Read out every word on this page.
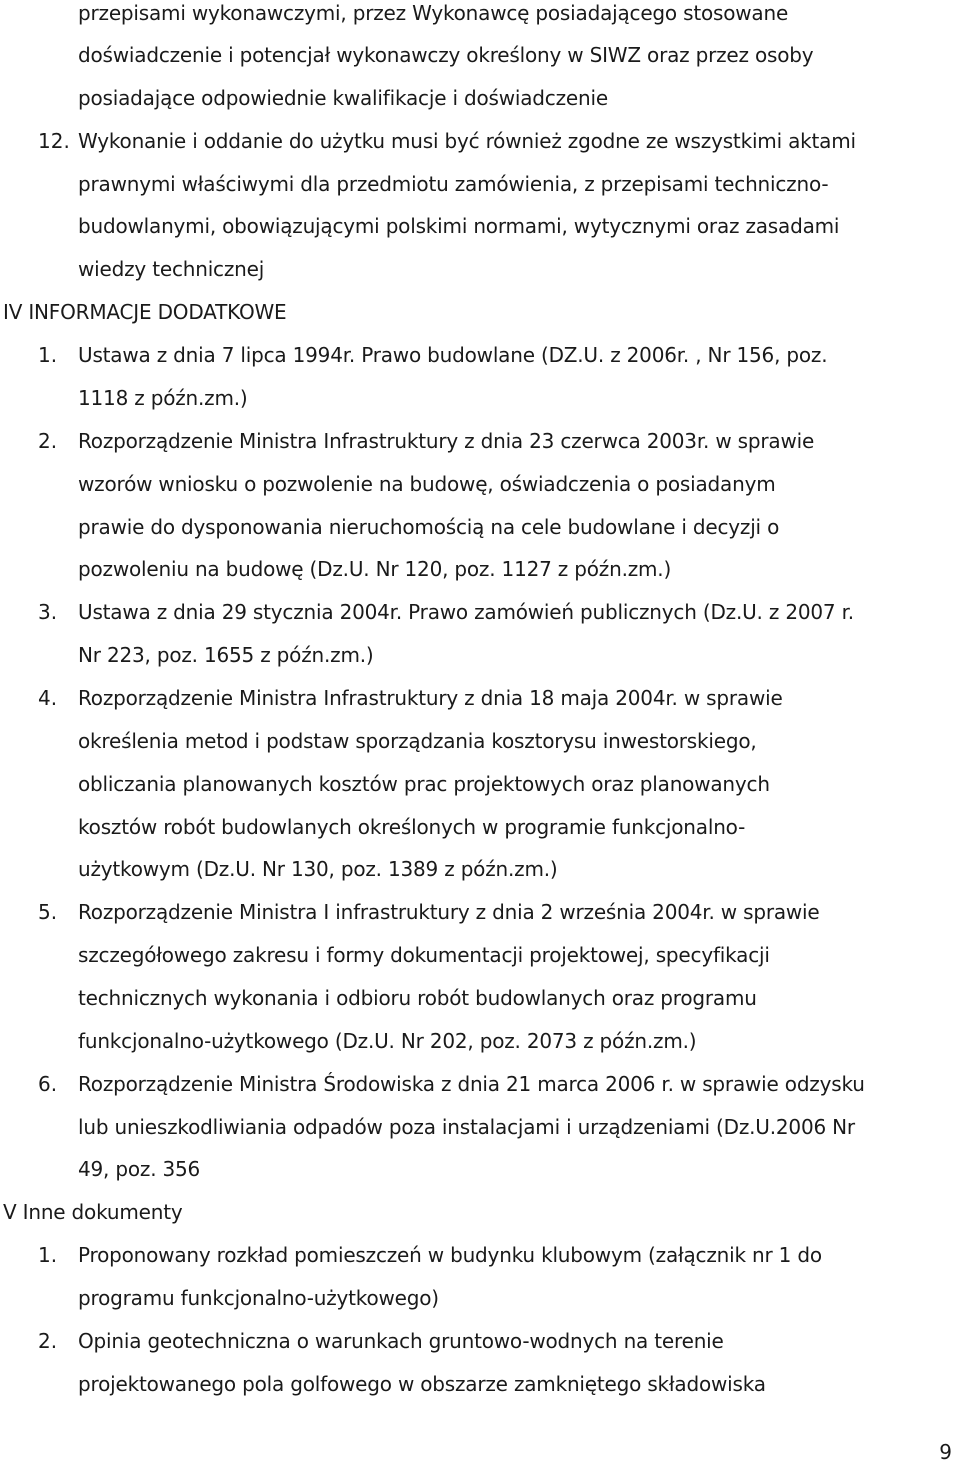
przepisami wykonawczymi, przez Wykonawcę posiadającego stosowane
doświadczenie i potencjał wykonawczy określony w SIWZ oraz przez osoby
posiadające odpowiednie kwalifikacje i doświadczenie
12. Wykonanie i oddanie do użytku musi być również zgodne ze wszystkimi aktami
prawnymi właściwymi dla przedmiotu zamówienia, z przepisami techniczno-
budowlanymi, obowiązującymi polskimi normami, wytycznymi oraz zasadami
wiedzy technicznej
IV INFORMACJE DODATKOWE
1. Ustawa z dnia 7 lipca 1994r. Prawo budowlane (DZ.U. z 2006r. , Nr 156, poz.
1118 z późn.zm.)
2. Rozporządzenie Ministra Infrastruktury z dnia 23 czerwca 2003r. w sprawie
wzorów wniosku o pozwolenie na budowę, oświadczenia o posiadanym
prawie do dysponowania nieruchomością na cele budowlane i decyzji o
pozwoleniu na budowę (Dz.U. Nr 120, poz. 1127 z późn.zm.)
3. Ustawa z dnia 29 stycznia 2004r. Prawo zamówień publicznych (Dz.U. z 2007 r.
Nr 223, poz. 1655 z późn.zm.)
4. Rozporządzenie Ministra Infrastruktury z dnia 18 maja 2004r. w sprawie
określenia metod i podstaw sporządzania kosztorysu inwestorskiego,
obliczania planowanych kosztów prac projektowych oraz planowanych
kosztów robót budowlanych określonych w programie funkcjonalno-
użytkowym (Dz.U. Nr 130, poz. 1389 z późn.zm.)
5. Rozporządzenie Ministra I infrastruktury z dnia 2 września 2004r. w sprawie
szczegółowego zakresu i formy dokumentacji projektowej, specyfikacji
technicznych wykonania i odbioru robót budowlanych oraz programu
funkcjonalno-użytkowego (Dz.U. Nr 202, poz. 2073 z późn.zm.)
6. Rozporządzenie Ministra Środowiska z dnia 21 marca 2006 r. w sprawie odzysku
lub unieszkodliwiania odpadów poza instalacjami i urządzeniami (Dz.U.2006 Nr
49, poz. 356
V Inne dokumenty
1. Proponowany rozkład pomieszczeń w budynku klubowym (załącznik nr 1 do
programu funkcjonalno-użytkowego)
2. Opinia geotechniczna o warunkach gruntowo-wodnych na terenie
projektowanego pola golfowego w obszarze zamkniętego składowiska
9
